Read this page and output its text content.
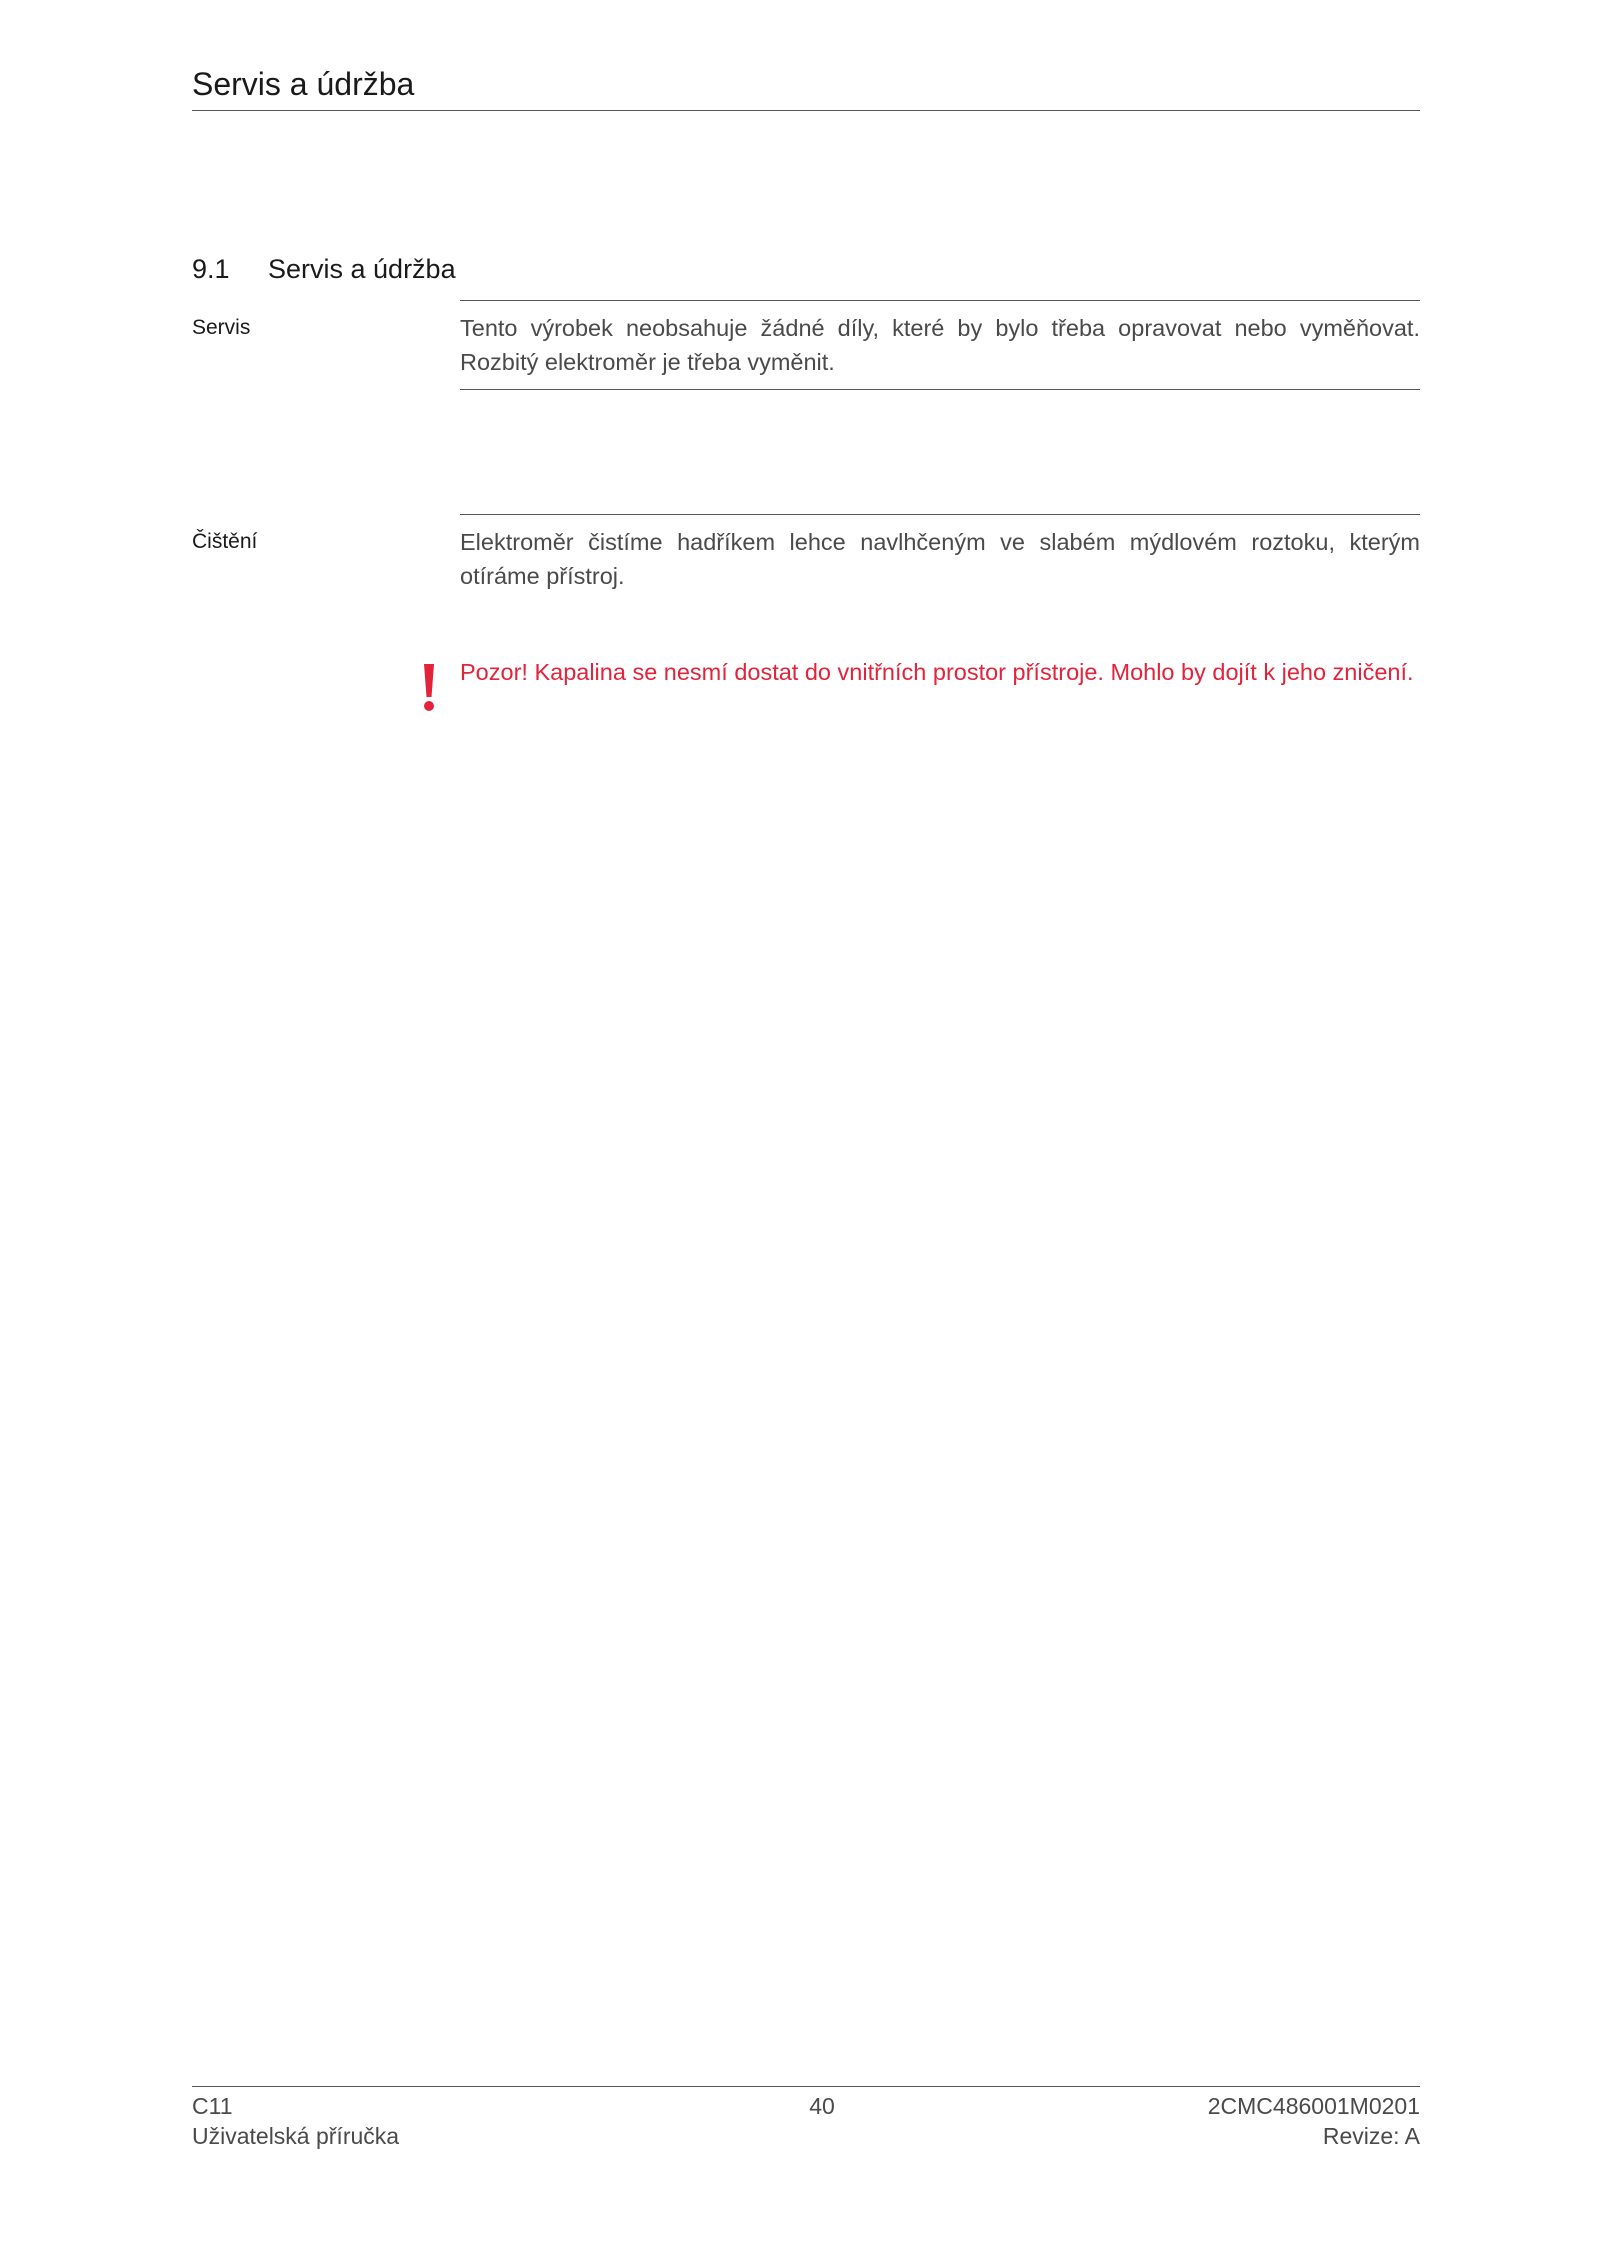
Servis a údržba
9.1 Servis a údržba
Servis	Tento výrobek neobsahuje žádné díly, které by bylo třeba opravovat nebo vyměňovat. Rozbitý elektroměr je třeba vyměnit.
Čištění	Elektroměr čistíme hadříkem lehce navlhčeným ve slabém mýdlovém roztoku, kterým otíráme přístroj.
Pozor! Kapalina se nesmí dostat do vnitřních prostor přístroje. Mohlo by dojít k jeho zničení.
C11
Uživatelská příručka
40	2CMC486001M0201
Revize: A
